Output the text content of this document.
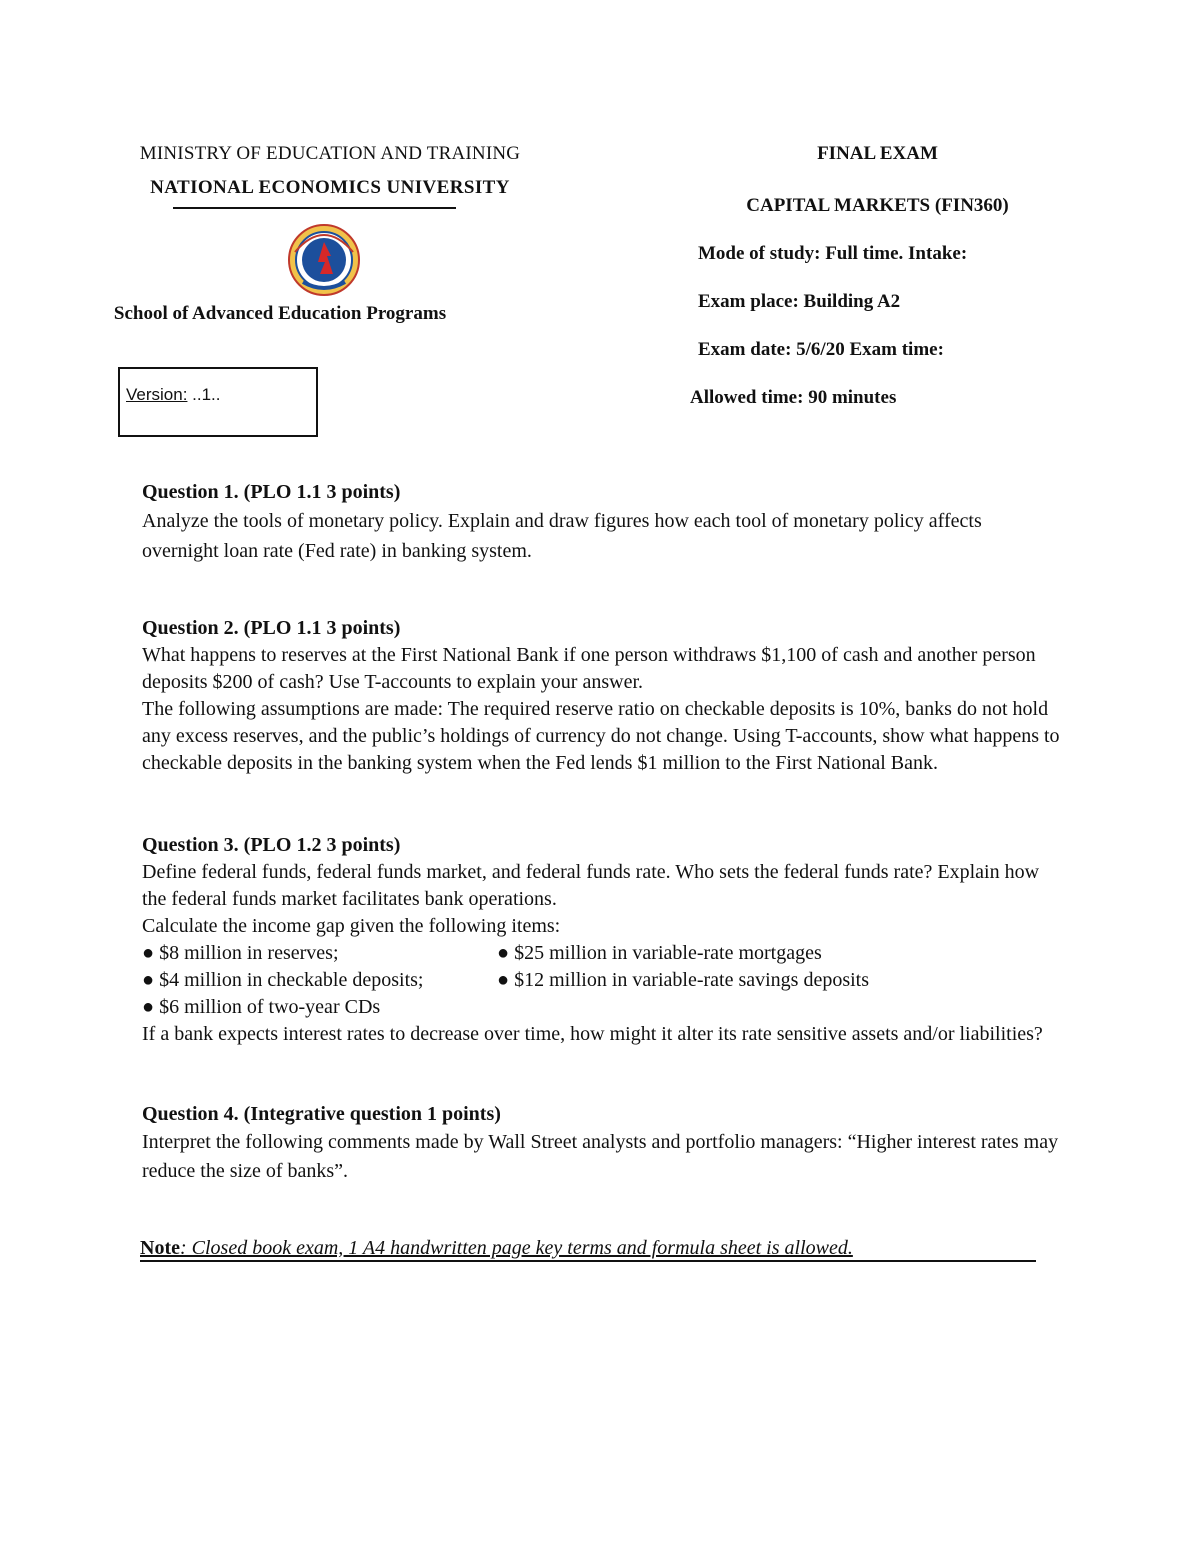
MINISTRY OF EDUCATION AND TRAINING
NATIONAL ECONOMICS UNIVERSITY
School of Advanced Education Programs
Version: ..1..
FINAL EXAM
CAPITAL MARKETS (FIN360)
Mode of study: Full time. Intake:
Exam place: Building A2
Exam date: 5/6/20 Exam time:
Allowed time: 90 minutes

Question 1. (PLO 1.1 3 points)

Analyze the tools of monetary policy. Explain and draw figures how each tool of monetary policy affects overnight loan rate (Fed rate) in banking system.

Question 2. (PLO 1.1 3 points)

What happens to reserves at the First National Bank if one person withdraws $1,100 of cash and another person deposits $200 of cash? Use T-accounts to explain your answer.

The following assumptions are made: The required reserve ratio on checkable deposits is 10%, banks do not hold any excess reserves, and the public’s holdings of currency do not change. Using T-accounts, show what happens to checkable deposits in the banking system when the Fed lends $1 million to the First National Bank.

Question 3. (PLO 1.2 3 points)

Define federal funds, federal funds market, and federal funds rate. Who sets the federal funds rate? Explain how the federal funds market facilitates bank operations.

Calculate the income gap given the following items:

● $8 million in reserves;	● $25 million in variable-rate mortgages
● $4 million in checkable deposits;	● $12 million in variable-rate savings deposits
● $6 million of two-year CDs

If a bank expects interest rates to decrease over time, how might it alter its rate sensitive assets and/or liabilities?

Question 4. (Integrative question 1 points)

Interpret the following comments made by Wall Street analysts and portfolio managers: “Higher interest rates may reduce the size of banks”.

Note: Closed book exam, 1 A4 handwritten page key terms and formula sheet is allowed.
